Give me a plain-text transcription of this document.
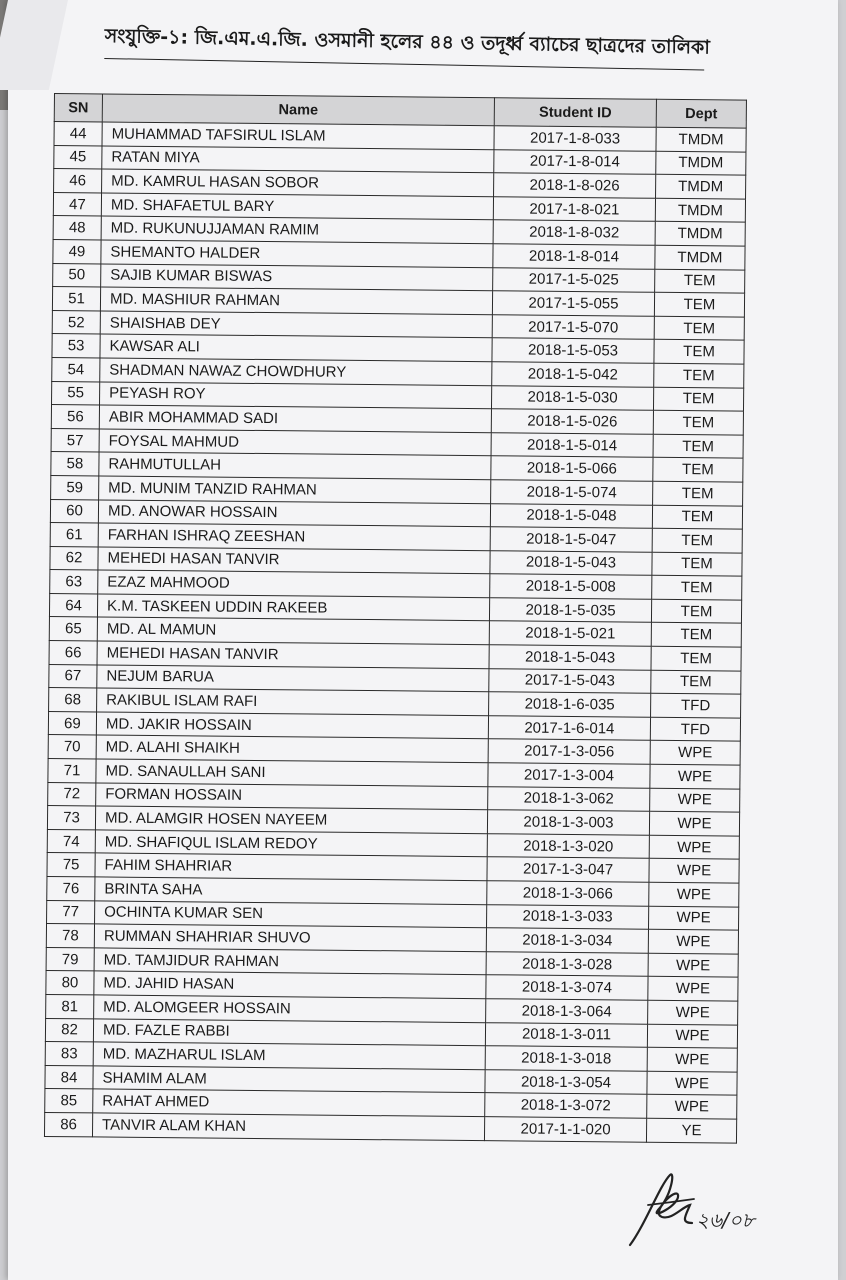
সংযুক্তি-১: জি.এম.এ.জি. ওসমানী হলের ৪৪ ও তদূর্ধ্ব ব্যাচের ছাত্রদের তালিকা
SN	Name	Student ID	Dept
44	MUHAMMAD TAFSIRUL ISLAM	2017-1-8-033	TMDM
45	RATAN MIYA	2017-1-8-014	TMDM
46	MD. KAMRUL HASAN SOBOR	2018-1-8-026	TMDM
47	MD. SHAFAETUL BARY	2017-1-8-021	TMDM
48	MD. RUKUNUJJAMAN RAMIM	2018-1-8-032	TMDM
49	SHEMANTO HALDER	2018-1-8-014	TMDM
50	SAJIB KUMAR BISWAS	2017-1-5-025	TEM
51	MD. MASHIUR RAHMAN	2017-1-5-055	TEM
52	SHAISHAB DEY	2017-1-5-070	TEM
53	KAWSAR ALI	2018-1-5-053	TEM
54	SHADMAN NAWAZ CHOWDHURY	2018-1-5-042	TEM
55	PEYASH ROY	2018-1-5-030	TEM
56	ABIR MOHAMMAD SADI	2018-1-5-026	TEM
57	FOYSAL MAHMUD	2018-1-5-014	TEM
58	RAHMUTULLAH	2018-1-5-066	TEM
59	MD. MUNIM TANZID RAHMAN	2018-1-5-074	TEM
60	MD. ANOWAR HOSSAIN	2018-1-5-048	TEM
61	FARHAN ISHRAQ ZEESHAN	2018-1-5-047	TEM
62	MEHEDI HASAN TANVIR	2018-1-5-043	TEM
63	EZAZ MAHMOOD	2018-1-5-008	TEM
64	K.M. TASKEEN UDDIN RAKEEB	2018-1-5-035	TEM
65	MD. AL MAMUN	2018-1-5-021	TEM
66	MEHEDI HASAN TANVIR	2018-1-5-043	TEM
67	NEJUM BARUA	2017-1-5-043	TEM
68	RAKIBUL ISLAM RAFI	2018-1-6-035	TFD
69	MD. JAKIR HOSSAIN	2017-1-6-014	TFD
70	MD. ALAHI SHAIKH	2017-1-3-056	WPE
71	MD. SANAULLAH SANI	2017-1-3-004	WPE
72	FORMAN HOSSAIN	2018-1-3-062	WPE
73	MD. ALAMGIR HOSEN NAYEEM	2018-1-3-003	WPE
74	MD. SHAFIQUL ISLAM REDOY	2018-1-3-020	WPE
75	FAHIM SHAHRIAR	2017-1-3-047	WPE
76	BRINTA SAHA	2018-1-3-066	WPE
77	OCHINTA KUMAR SEN	2018-1-3-033	WPE
78	RUMMAN SHAHRIAR SHUVO	2018-1-3-034	WPE
79	MD. TAMJIDUR RAHMAN	2018-1-3-028	WPE
80	MD. JAHID HASAN	2018-1-3-074	WPE
81	MD. ALOMGEER HOSSAIN	2018-1-3-064	WPE
82	MD. FAZLE RABBI	2018-1-3-011	WPE
83	MD. MAZHARUL ISLAM	2018-1-3-018	WPE
84	SHAMIM ALAM	2018-1-3-054	WPE
85	RAHAT AHMED	2018-1-3-072	WPE
86	TANVIR ALAM KHAN	2017-1-1-020	YE
২৬/০৮
